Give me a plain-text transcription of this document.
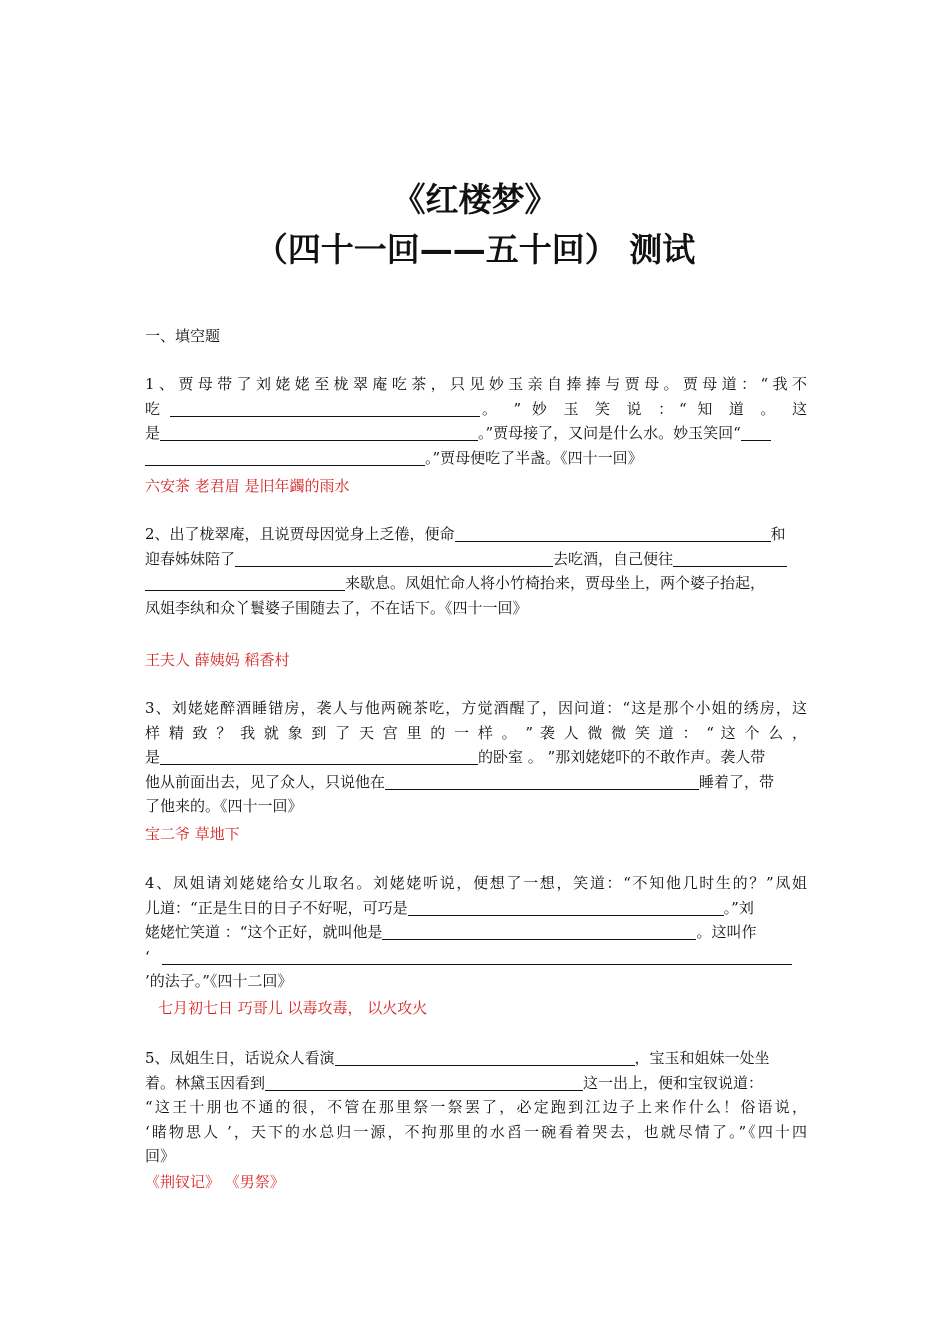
《红楼梦》
（四十一回——五十回） 测试
一、填空题
1、贾母带了刘姥姥至栊翠庵吃茶，只见妙玉亲自捧捧与贾母。贾母道：“我不
吃	。 ” 妙 玉 笑 说 ：“ 知 道 。 这
是	。”贾母接了，又问是什么水。妙玉笑回“
。”贾母便吃了半盏。《四十一回》
六安茶 老君眉 是旧年蠲的雨水
2、出了栊翠庵，且说贾母因觉身上乏倦，便命	和
迎春姊妹陪了	去吃酒，自己便往
来歇息。凤姐忙命人将小竹椅抬来，贾母坐上，两个婆子抬起，
凤姐李纨和众丫鬟婆子围随去了，不在话下。《四十一回》
王夫人 薛姨妈 稻香村
3、刘姥姥醉酒睡错房，袭人与他两碗茶吃，方觉酒醒了，因问道：“这是那个小姐的绣房，这
样 精 致 ？ 我 就 象 到 了 天 宫 里 的 一 样 。 ” 袭 人 微 微 笑 道 ： “ 这 个 么 ，
是	的卧室 。 ”那刘姥姥吓的不敢作声。袭人带
他从前面出去，见了众人，只说他在	睡着了，带
了他来的。《四十一回》
宝二爷 草地下
4、凤姐请刘姥姥给女儿取名。刘姥姥听说，便想了一想，笑道：“不知他几时生的？”凤姐
儿道：“正是生日的日子不好呢，可巧是	。”刘
姥姥忙笑道 ：“这个正好，就叫他是	。这叫作
‘
’的法子。”《四十二回》
七月初七日 巧哥儿 以毒攻毒， 以火攻火
5、凤姐生日，话说众人看演	，宝玉和姐妹一处坐
着。林黛玉因看到	这一出上，便和宝钗说道：
“这王十朋也不通的很，不管在那里祭一祭罢了，必定跑到江边子上来作什么！俗语说，
‘睹物思人 ’，天下的水总归一源，不拘那里的水舀一碗看着哭去，也就尽情了。”《四十四
回》
《荆钗记》 《男祭》
